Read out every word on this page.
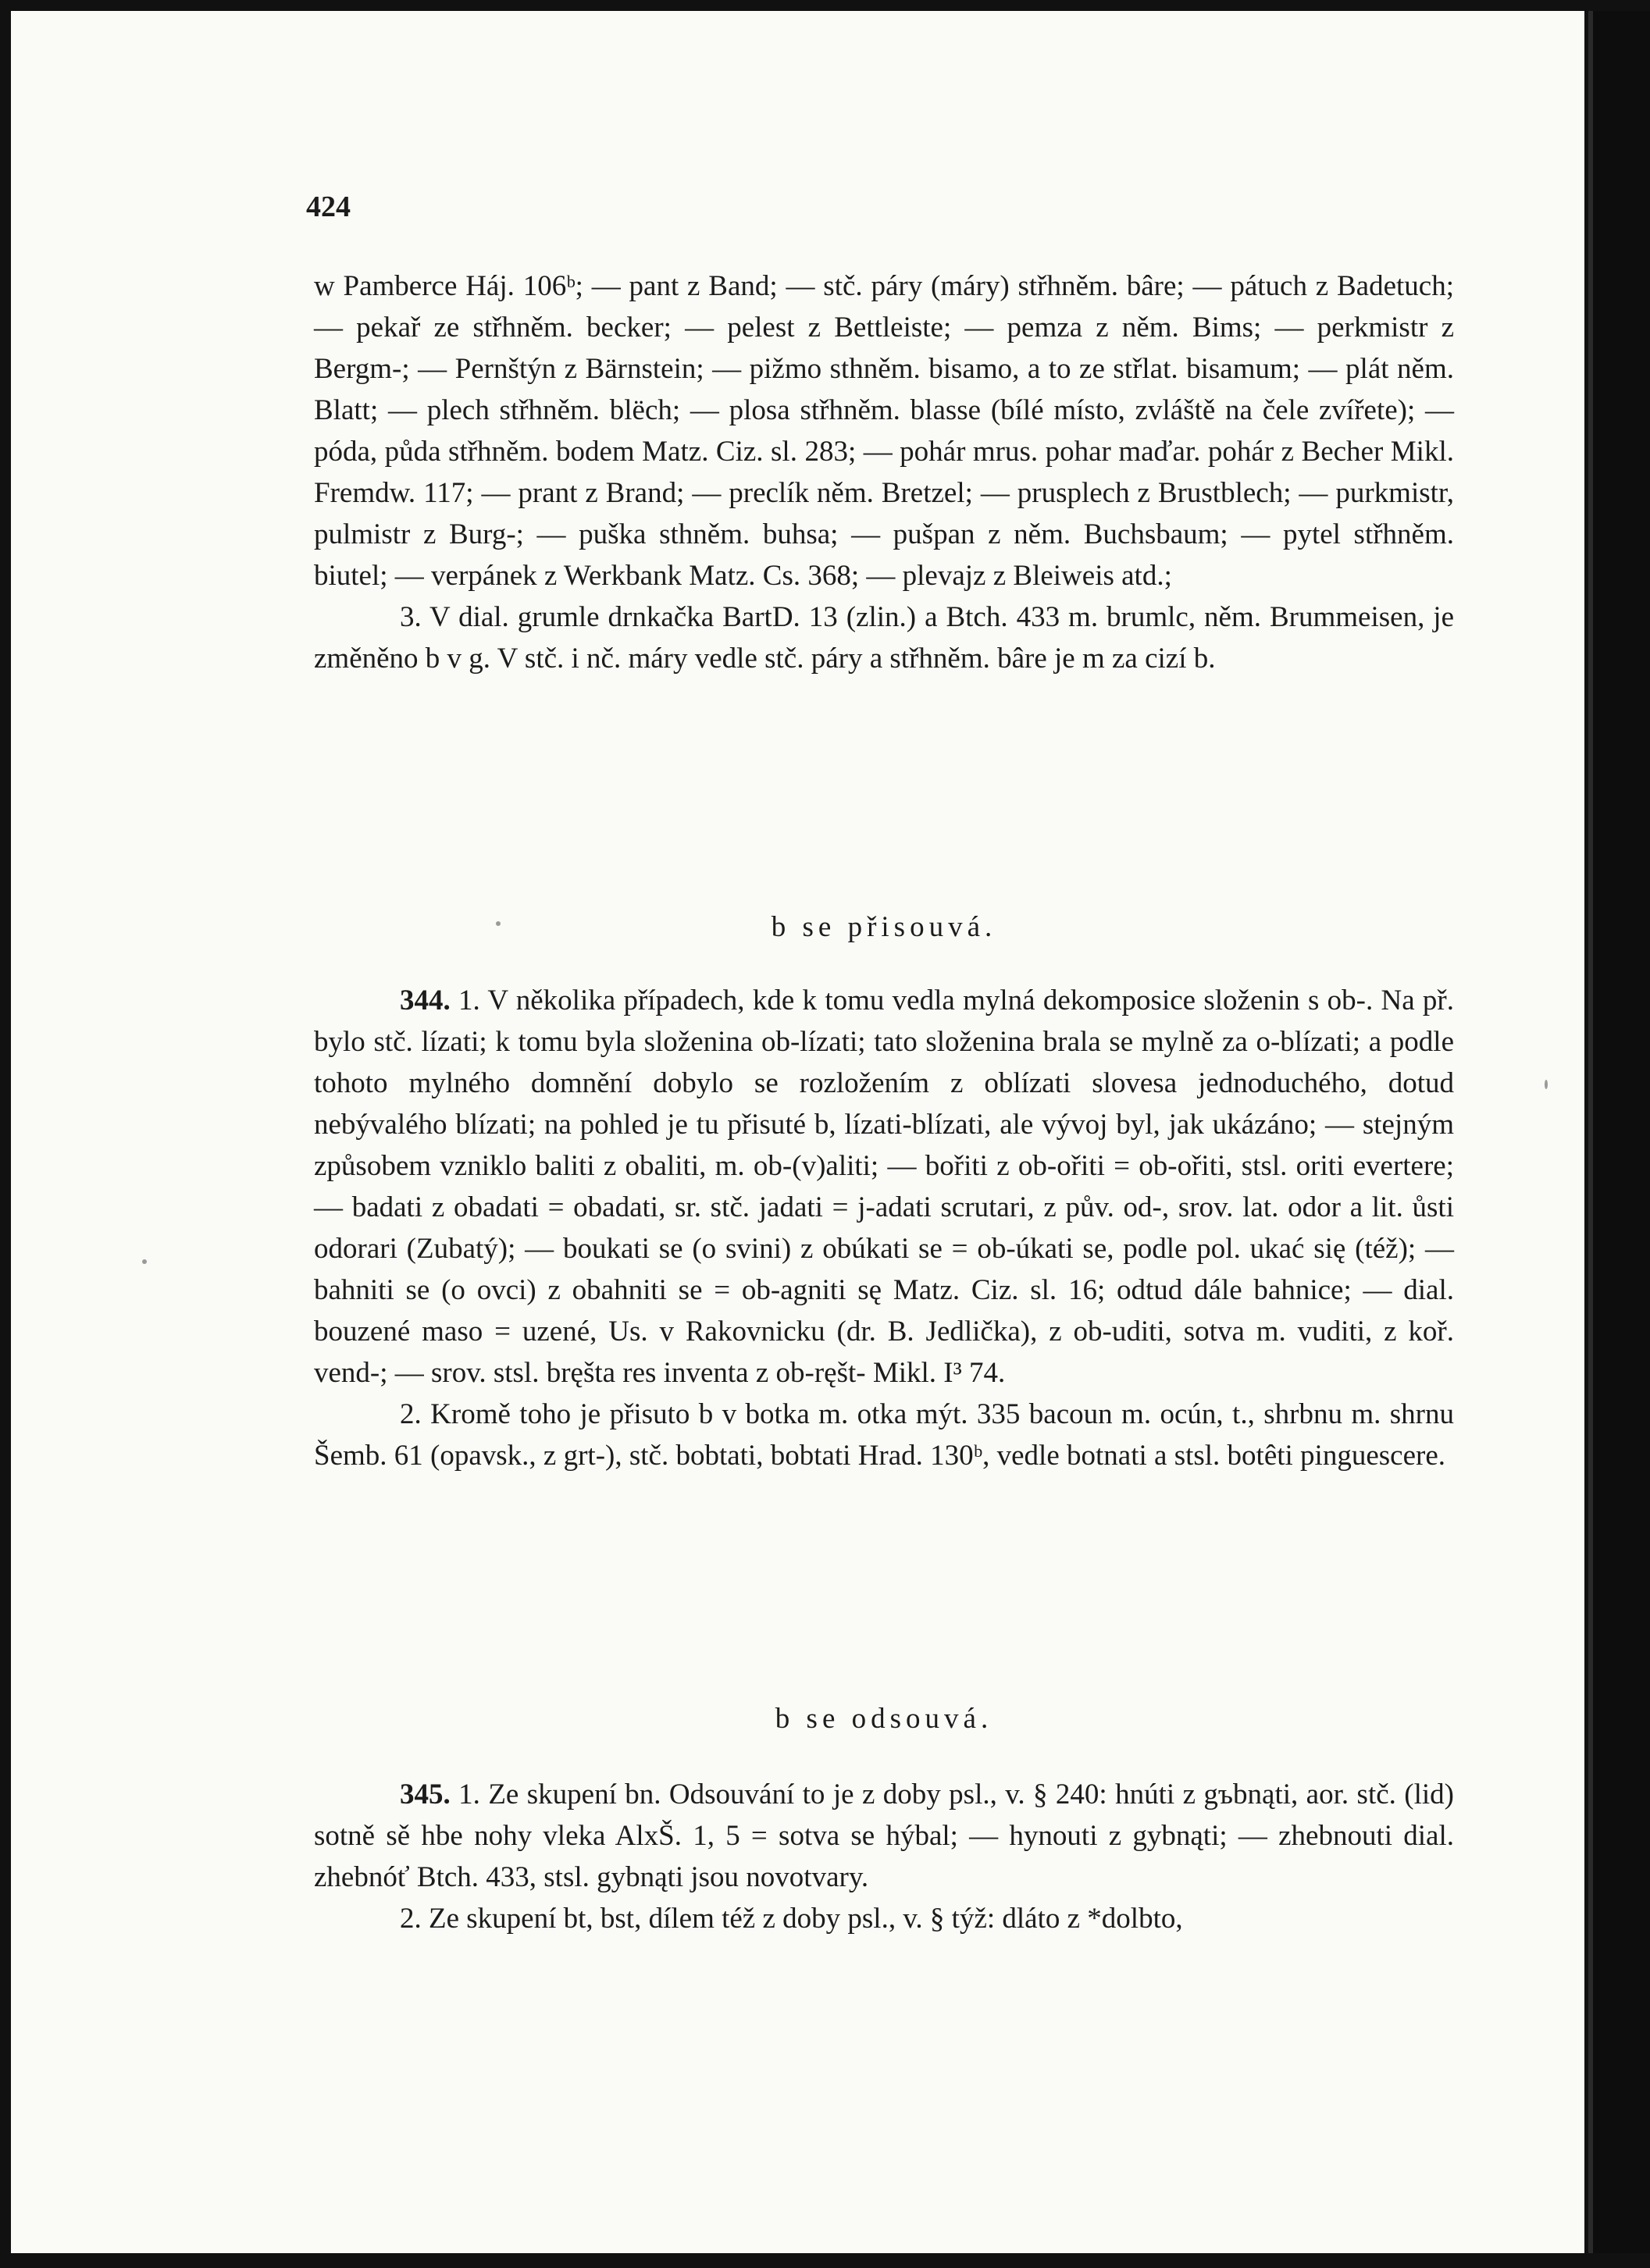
424

w Pamberce Háj. 106ᵇ; — pant z Band; — stč. páry (máry) střhněm. bâre; — pátuch z Badetuch; — pekař ze střhněm. becker; — pelest z Bettleiste; — pemza z něm. Bims; — perkmistr z Bergm-; — Pernštýn z Bärnstein; — pižmo sthněm. bisamo, a to ze střlat. bisamum; — plát něm. Blatt; — plech střhněm. blëch; — plosa střhněm. blasse (bílé místo, zvláště na čele zvířete); — póda, půda střhněm. bodem Matz. Ciz. sl. 283; — pohár mrus. pohar maďar. pohár z Becher Mikl. Fremdw. 117; — prant z Brand; — preclík něm. Bretzel; — prusplech z Brustblech; — purkmistr, pulmistr z Burg-; — puška sthněm. buhsa; — pušpan z něm. Buchsbaum; — pytel střhněm. biutel; — verpánek z Werkbank Matz. Cs. 368; — plevajz z Bleiweis atd.;

3. V dial. grumle drnkačka BartD. 13 (zlin.) a Btch. 433 m. brumlc, něm. Brummeisen, je změněno b v g. V stč. i nč. máry vedle stč. páry a střhněm. bâre je m za cizí b.

b se přisouvá.

344. 1. V několika případech, kde k tomu vedla mylná dekomposice složenin s ob-. Na př. bylo stč. lízati; k tomu byla složenina ob-lízati; tato složenina brala se mylně za o-blízati; a podle tohoto mylného domnění dobylo se rozložením z oblízati slovesa jednoduchého, dotud nebývalého blízati; na pohled je tu přisuté b, lízati-blízati, ale vývoj byl, jak ukázáno; — stejným způsobem vzniklo baliti z obaliti, m. ob-(v)aliti; — bořiti z ob-ořiti = ob-ořiti, stsl. oriti evertere; — badati z obadati = obadati, sr. stč. jadati = j-adati scrutari, z pův. od-, srov. lat. odor a lit. ůsti odorari (Zubatý); — boukati se (o svini) z obúkati se = ob-úkati se, podle pol. ukać się (též); — bahniti se (o ovci) z obahniti se = ob-agniti sę Matz. Ciz. sl. 16; odtud dále bahnice; — dial. bouzené maso = uzené, Us. v Rakovnicku (dr. B. Jedlička), z ob-uditi, sotva m. vuditi, z koř. vend-; — srov. stsl. bręšta res inventa z ob-ręšt- Mikl. I³ 74.

2. Kromě toho je přisuto b v botka m. otka mýt. 335 bacoun m. ocún, t., shrbnu m. shrnu Šemb. 61 (opavsk., z grt-), stč. bobtati, bobtati Hrad. 130ᵇ, vedle botnati a stsl. botêti pinguescere.

b se odsouvá.

345. 1. Ze skupení bn. Odsouvání to je z doby psl., v. § 240: hnúti z gъbnąti, aor. stč. (lid) sotně sě hbe nohy vleka AlxŠ. 1, 5 = sotva se hýbal; — hynouti z gybnąti; — zhebnouti dial. zhebnóť Btch. 433, stsl. gybnąti jsou novotvary.

2. Ze skupení bt, bst, dílem též z doby psl., v. § týž: dláto z *dolbto,
